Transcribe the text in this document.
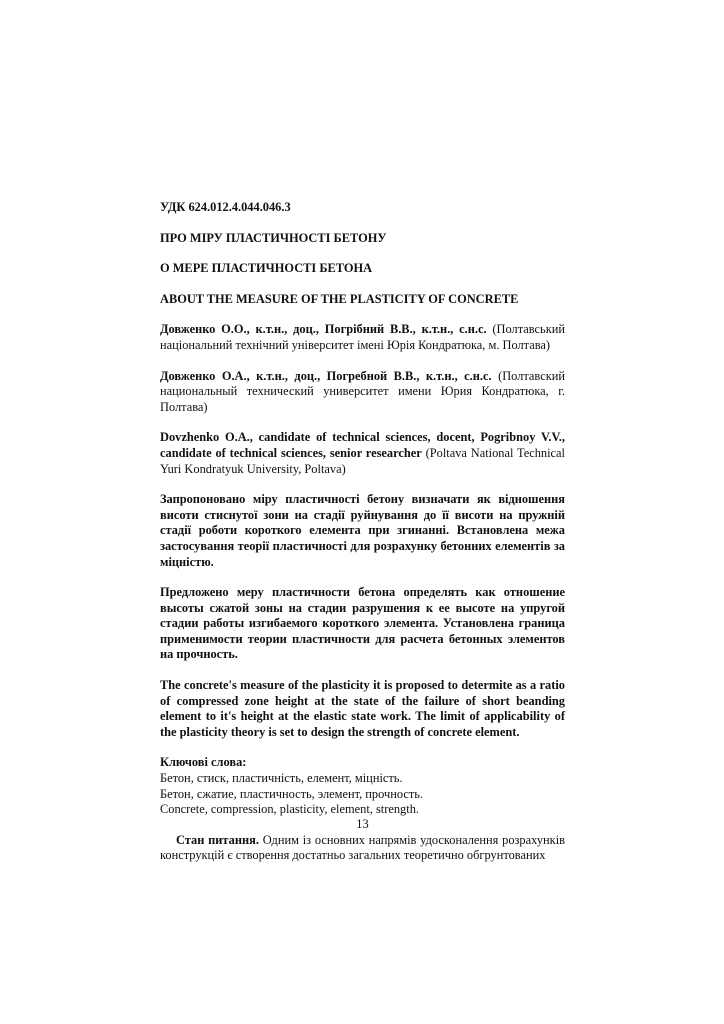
УДК 624.012.4.044.046.3

ПРО МІРУ ПЛАСТИЧНОСТІ БЕТОНУ

О МЕРЕ ПЛАСТИЧНОСТІ БЕТОНА

ABOUT THE MEASURE OF THE PLASTICITY OF CONCRETE

Довженко О.О., к.т.н., доц., Погрібний В.В., к.т.н., с.н.с. (Полтавський національний технічний університет імені Юрія Кондратюка, м. Полтава)

Довженко О.А., к.т.н., доц., Погребной В.В., к.т.н., с.н.с. (Полтавский национальный технический университет имени Юрия Кондратюка, г. Полтава)

Dovzhenko O.A., candidate of technical sciences, docent, Pogribnoy V.V., candidate of technical sciences, senior researcher (Poltava National Technical Yuri Kondratyuk University, Poltava)

Запропоновано міру пластичності бетону визначати як відношення висоти стиснутої зони на стадії руйнування до її висоти на пружній стадії роботи короткого елемента при згинанні. Встановлена межа застосування теорії пластичності для розрахунку бетонних елементів за міцністю.

Предложено меру пластичности бетона определять как отношение высоты сжатой зоны на стадии разрушения к ее высоте на упругой стадии работы изгибаемого короткого элемента. Установлена граница применимости теории пластичности для расчета бетонных элементов на прочность.

The concrete's measure of the plasticity it is proposed to determite as a ratio of compressed zone height at the state of the failure of short beanding element to it's height at the elastic state work. The limit of applicability of the plasticity theory is set to design the strength of concrete element.

Ключові слова:
Бетон, стиск, пластичність, елемент, міцність.
Бетон, сжатие, пластичность, элемент, прочность.
Concrete, compression, plasticity, element, strength.

Стан питання. Одним із основних напрямів удосконалення розрахунків конструкцій є створення достатньо загальних теоретично обгрунтованих

13
